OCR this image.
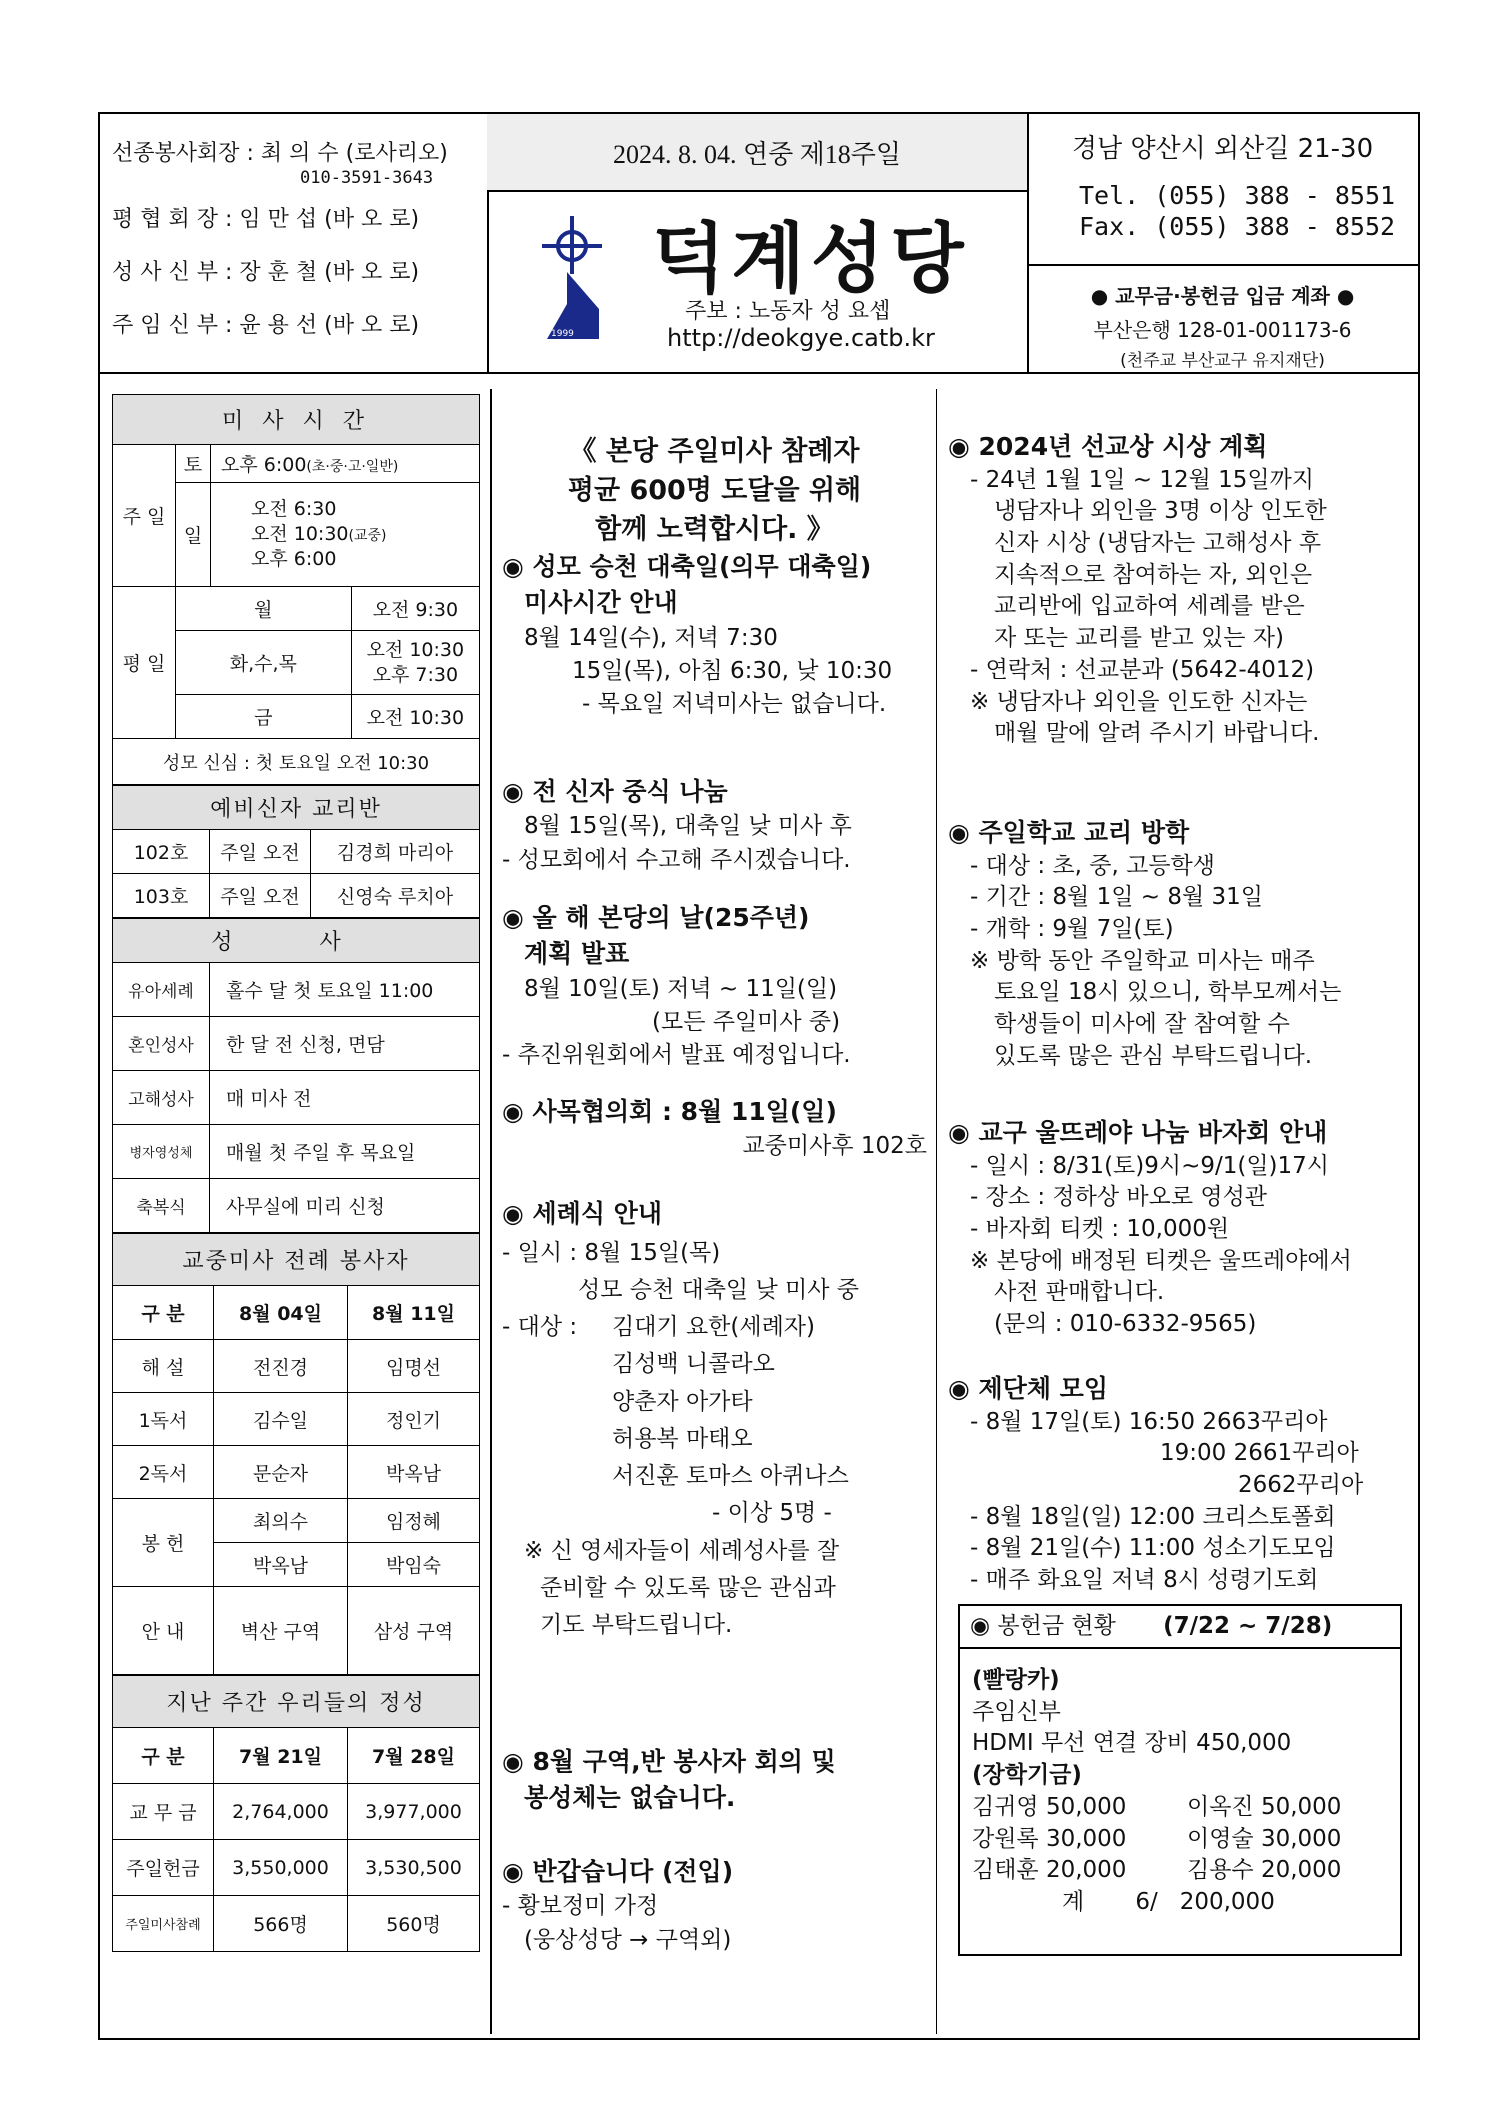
선종봉사회장 : 최 의 수 (로사리오)
010-3591-3643
평 협 회 장 : 임 만 섭 (바 오 로)
성 사 신 부 : 장 훈 철 (바 오 로)
주 임 신 부 : 윤 용 선 (바 오 로)
2024. 8. 04. 연중 제18주일
1999
덕계성당
주보 : 노동자 성 요셉
http://deokgye.catb.kr
경남 양산시 외산길 21-30
Tel. (055) 388 - 8551
Fax. (055) 388 - 8552
● 교무금·봉헌금 입금 계좌 ●
부산은행 128-01-001173-6
(천주교 부산교구 유지재단)
미 사 시 간			
주 일	토	오후 6:00(초·중·고·일반)	
	일	오전 6:30
오전 10:30(교중)
오후 6:00	

평 일	월		오전 9:30
	화,수,목		오전 10:30
오후 7:30

	금		오전 10:30
성모 신심 : 첫 토요일 오전 10:30			
예비신자 교리반		
102호	주일 오전	김경희 마리아
103호	주일 오전	신영숙 루치아
성 사	
유아세례	홀수 달 첫 토요일 11:00
혼인성사	한 달 전 신청, 면담
고해성사	매 미사 전
병자영성체	매월 첫 주일 후 목요일
축복식	사무실에 미리 신청
교중미사 전례 봉사자		
구 분	8월 04일	8월 11일
해 설	전진경	임명선
1독서	김수일	정인기
2독서	문순자	박옥남
봉 헌	최의수	임정혜
	박옥남	박임숙
안 내	벽산 구역	삼성 구역
지난 주간 우리들의 정성		
구 분	7월 21일	7월 28일
교 무 금	2,764,000	3,977,000
주일헌금	3,550,000	3,530,500
주일미사참례	566명	560명
《 본당 주일미사 참례자
평균 600명 도달을 위해
함께 노력합시다. 》
◉ 성모 승천 대축일(의무 대축일)
미사시간 안내
8월 14일(수), 저녁 7:30
15일(목), 아침 6:30, 낮 10:30
- 목요일 저녁미사는 없습니다.
◉ 전 신자 중식 나눔
8월 15일(목), 대축일 낮 미사 후
- 성모회에서 수고해 주시겠습니다.
◉ 올 해 본당의 날(25주년)
계획 발표
8월 10일(토) 저녁 ~ 11일(일)
(모든 주일미사 중)
- 추진위원회에서 발표 예정입니다.
◉ 사목협의회 : 8월 11일(일)
교중미사후 102호
◉ 세례식 안내
- 일시 : 8월 15일(목)
성모 승천 대축일 낮 미사 중
- 대상 :	김대기 요한(세례자)
김성백 니콜라오
양춘자 아가타
허용복 마태오
서진훈 토마스 아퀴나스
- 이상 5명 -
※ 신 영세자들이 세례성사를 잘
준비할 수 있도록 많은 관심과
기도 부탁드립니다.
◉ 8월 구역,반 봉사자 회의 및
봉성체는 없습니다.
◉ 반갑습니다 (전입)
- 황보정미 가정
(웅상성당 → 구역외)
◉ 2024년 선교상 시상 계획
- 24년 1월 1일 ~ 12월 15일까지
냉담자나 외인을 3명 이상 인도한
신자 시상 (냉담자는 고해성사 후
지속적으로 참여하는 자, 외인은
교리반에 입교하여 세례를 받은
자 또는 교리를 받고 있는 자)
- 연락처 : 선교분과 (5642-4012)
※ 냉담자나 외인을 인도한 신자는
매월 말에 알려 주시기 바랍니다.
◉ 주일학교 교리 방학
- 대상 : 초, 중, 고등학생
- 기간 : 8월 1일 ~ 8월 31일
- 개학 : 9월 7일(토)
※ 방학 동안 주일학교 미사는 매주
토요일 18시 있으니, 학부모께서는
학생들이 미사에 잘 참여할 수
있도록 많은 관심 부탁드립니다.
◉ 교구 울뜨레야 나눔 바자회 안내
- 일시 : 8/31(토)9시~9/1(일)17시
- 장소 : 정하상 바오로 영성관
- 바자회 티켓 : 10,000원
※ 본당에 배정된 티켓은 울뜨레야에서
사전 판매합니다.
(문의 : 010-6332-9565)
◉ 제단체 모임
- 8월 17일(토) 16:50 2663꾸리아
19:00 2661꾸리아
2662꾸리아
- 8월 18일(일) 12:00 크리스토폴회
- 8월 21일(수) 11:00 성소기도모임
- 매주 화요일 저녁 8시 성령기도회
◉ 봉헌금 현황 (7/22 ~ 7/28)
(빨랑카)
주임신부
HDMI 무선 연결 장비 450,000
(장학기금)
김귀영 50,000	이옥진 50,000
강원록 30,000	이영술 30,000
김태훈 20,000	김용수 20,000
계       6/   200,000
